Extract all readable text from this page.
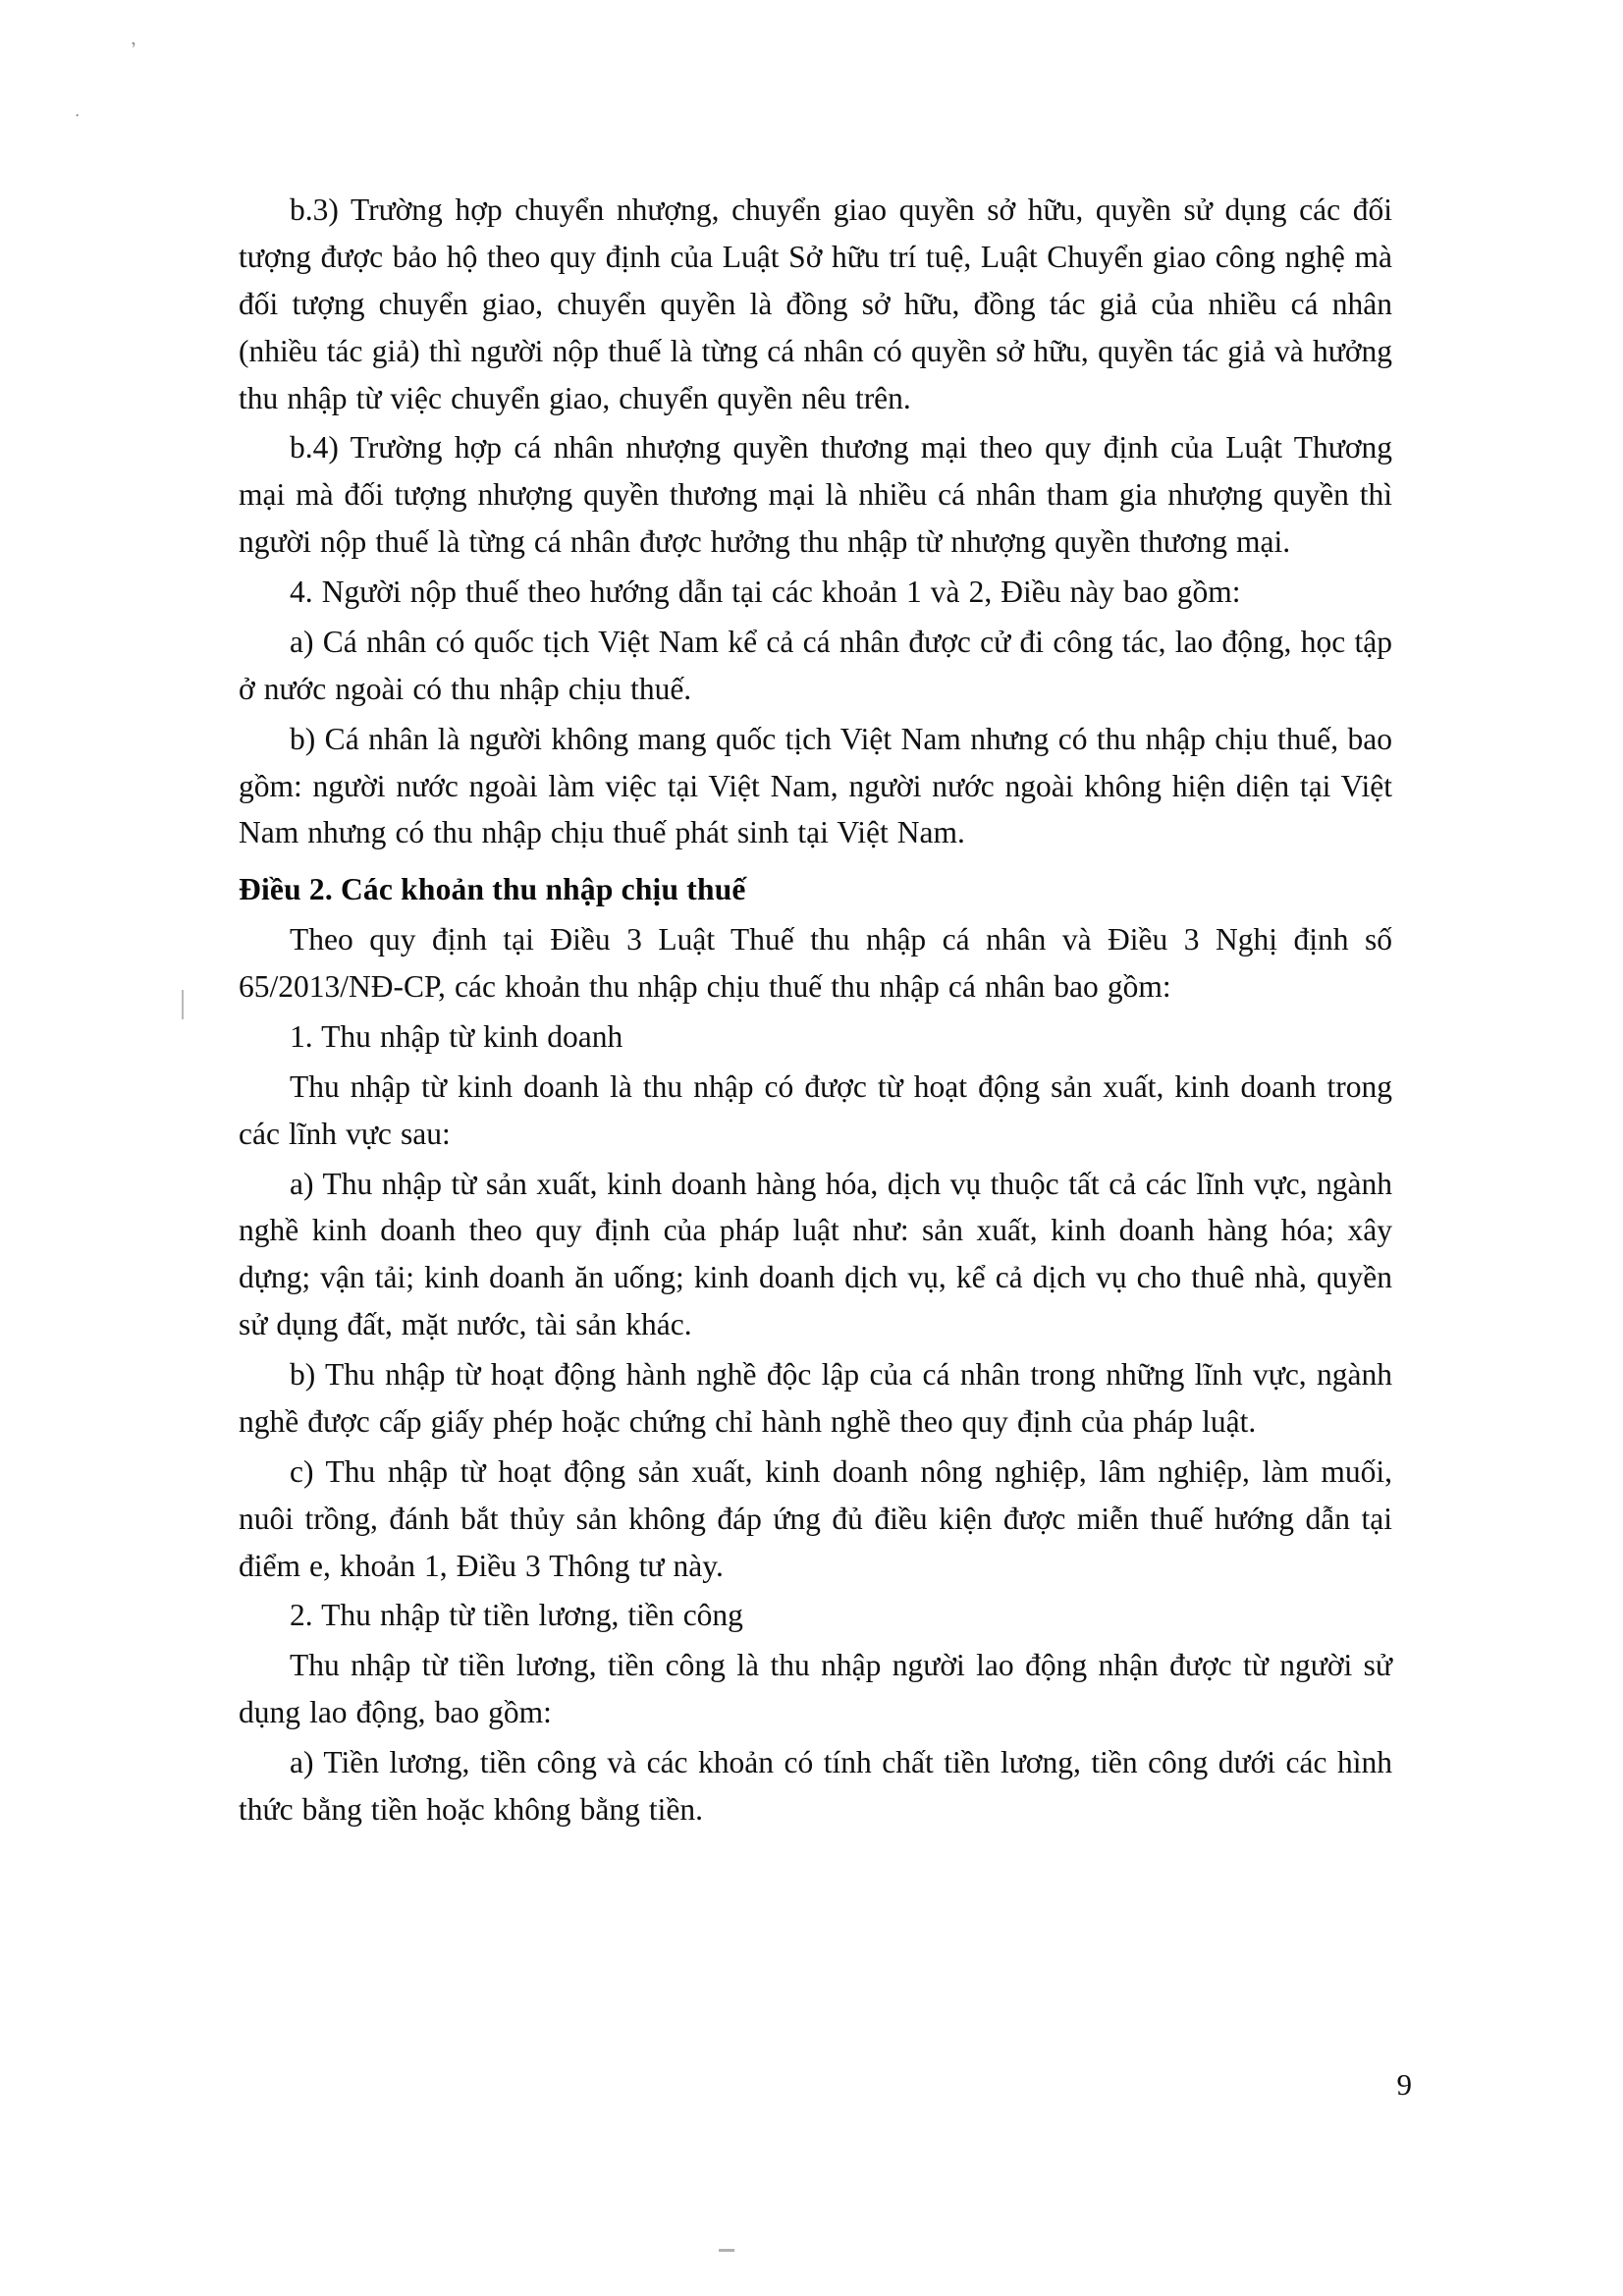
ʼ
·

b.3) Trường hợp chuyển nhượng, chuyển giao quyền sở hữu, quyền sử dụng các đối tượng được bảo hộ theo quy định của Luật Sở hữu trí tuệ, Luật Chuyển giao công nghệ mà đối tượng chuyển giao, chuyển quyền là đồng sở hữu, đồng tác giả của nhiều cá nhân (nhiều tác giả) thì người nộp thuế là từng cá nhân có quyền sở hữu, quyền tác giả và hưởng thu nhập từ việc chuyển giao, chuyển quyền nêu trên.

b.4) Trường hợp cá nhân nhượng quyền thương mại theo quy định của Luật Thương mại mà đối tượng nhượng quyền thương mại là nhiều cá nhân tham gia nhượng quyền thì người nộp thuế là từng cá nhân được hưởng thu nhập từ nhượng quyền thương mại.

4. Người nộp thuế theo hướng dẫn tại các khoản 1 và 2, Điều này bao gồm:

a) Cá nhân có quốc tịch Việt Nam kể cả cá nhân được cử đi công tác, lao động, học tập ở nước ngoài có thu nhập chịu thuế.

b) Cá nhân là người không mang quốc tịch Việt Nam nhưng có thu nhập chịu thuế, bao gồm: người nước ngoài làm việc tại Việt Nam, người nước ngoài không hiện diện tại Việt Nam nhưng có thu nhập chịu thuế phát sinh tại Việt Nam.

Điều 2. Các khoản thu nhập chịu thuế

Theo quy định tại Điều 3 Luật Thuế thu nhập cá nhân và Điều 3 Nghị định số 65/2013/NĐ-CP, các khoản thu nhập chịu thuế thu nhập cá nhân bao gồm:

1. Thu nhập từ kinh doanh

Thu nhập từ kinh doanh là thu nhập có được từ hoạt động sản xuất, kinh doanh trong các lĩnh vực sau:

a) Thu nhập từ sản xuất, kinh doanh hàng hóa, dịch vụ thuộc tất cả các lĩnh vực, ngành nghề kinh doanh theo quy định của pháp luật như: sản xuất, kinh doanh hàng hóa; xây dựng; vận tải; kinh doanh ăn uống; kinh doanh dịch vụ, kể cả dịch vụ cho thuê nhà, quyền sử dụng đất, mặt nước, tài sản khác.

b) Thu nhập từ hoạt động hành nghề độc lập của cá nhân trong những lĩnh vực, ngành nghề được cấp giấy phép hoặc chứng chỉ hành nghề theo quy định của pháp luật.

c) Thu nhập từ hoạt động sản xuất, kinh doanh nông nghiệp, lâm nghiệp, làm muối, nuôi trồng, đánh bắt thủy sản không đáp ứng đủ điều kiện được miễn thuế hướng dẫn tại điểm e, khoản 1, Điều 3 Thông tư này.

2. Thu nhập từ tiền lương, tiền công

Thu nhập từ tiền lương, tiền công là thu nhập người lao động nhận được từ người sử dụng lao động, bao gồm:

a) Tiền lương, tiền công và các khoản có tính chất tiền lương, tiền công dưới các hình thức bằng tiền hoặc không bằng tiền.

9
